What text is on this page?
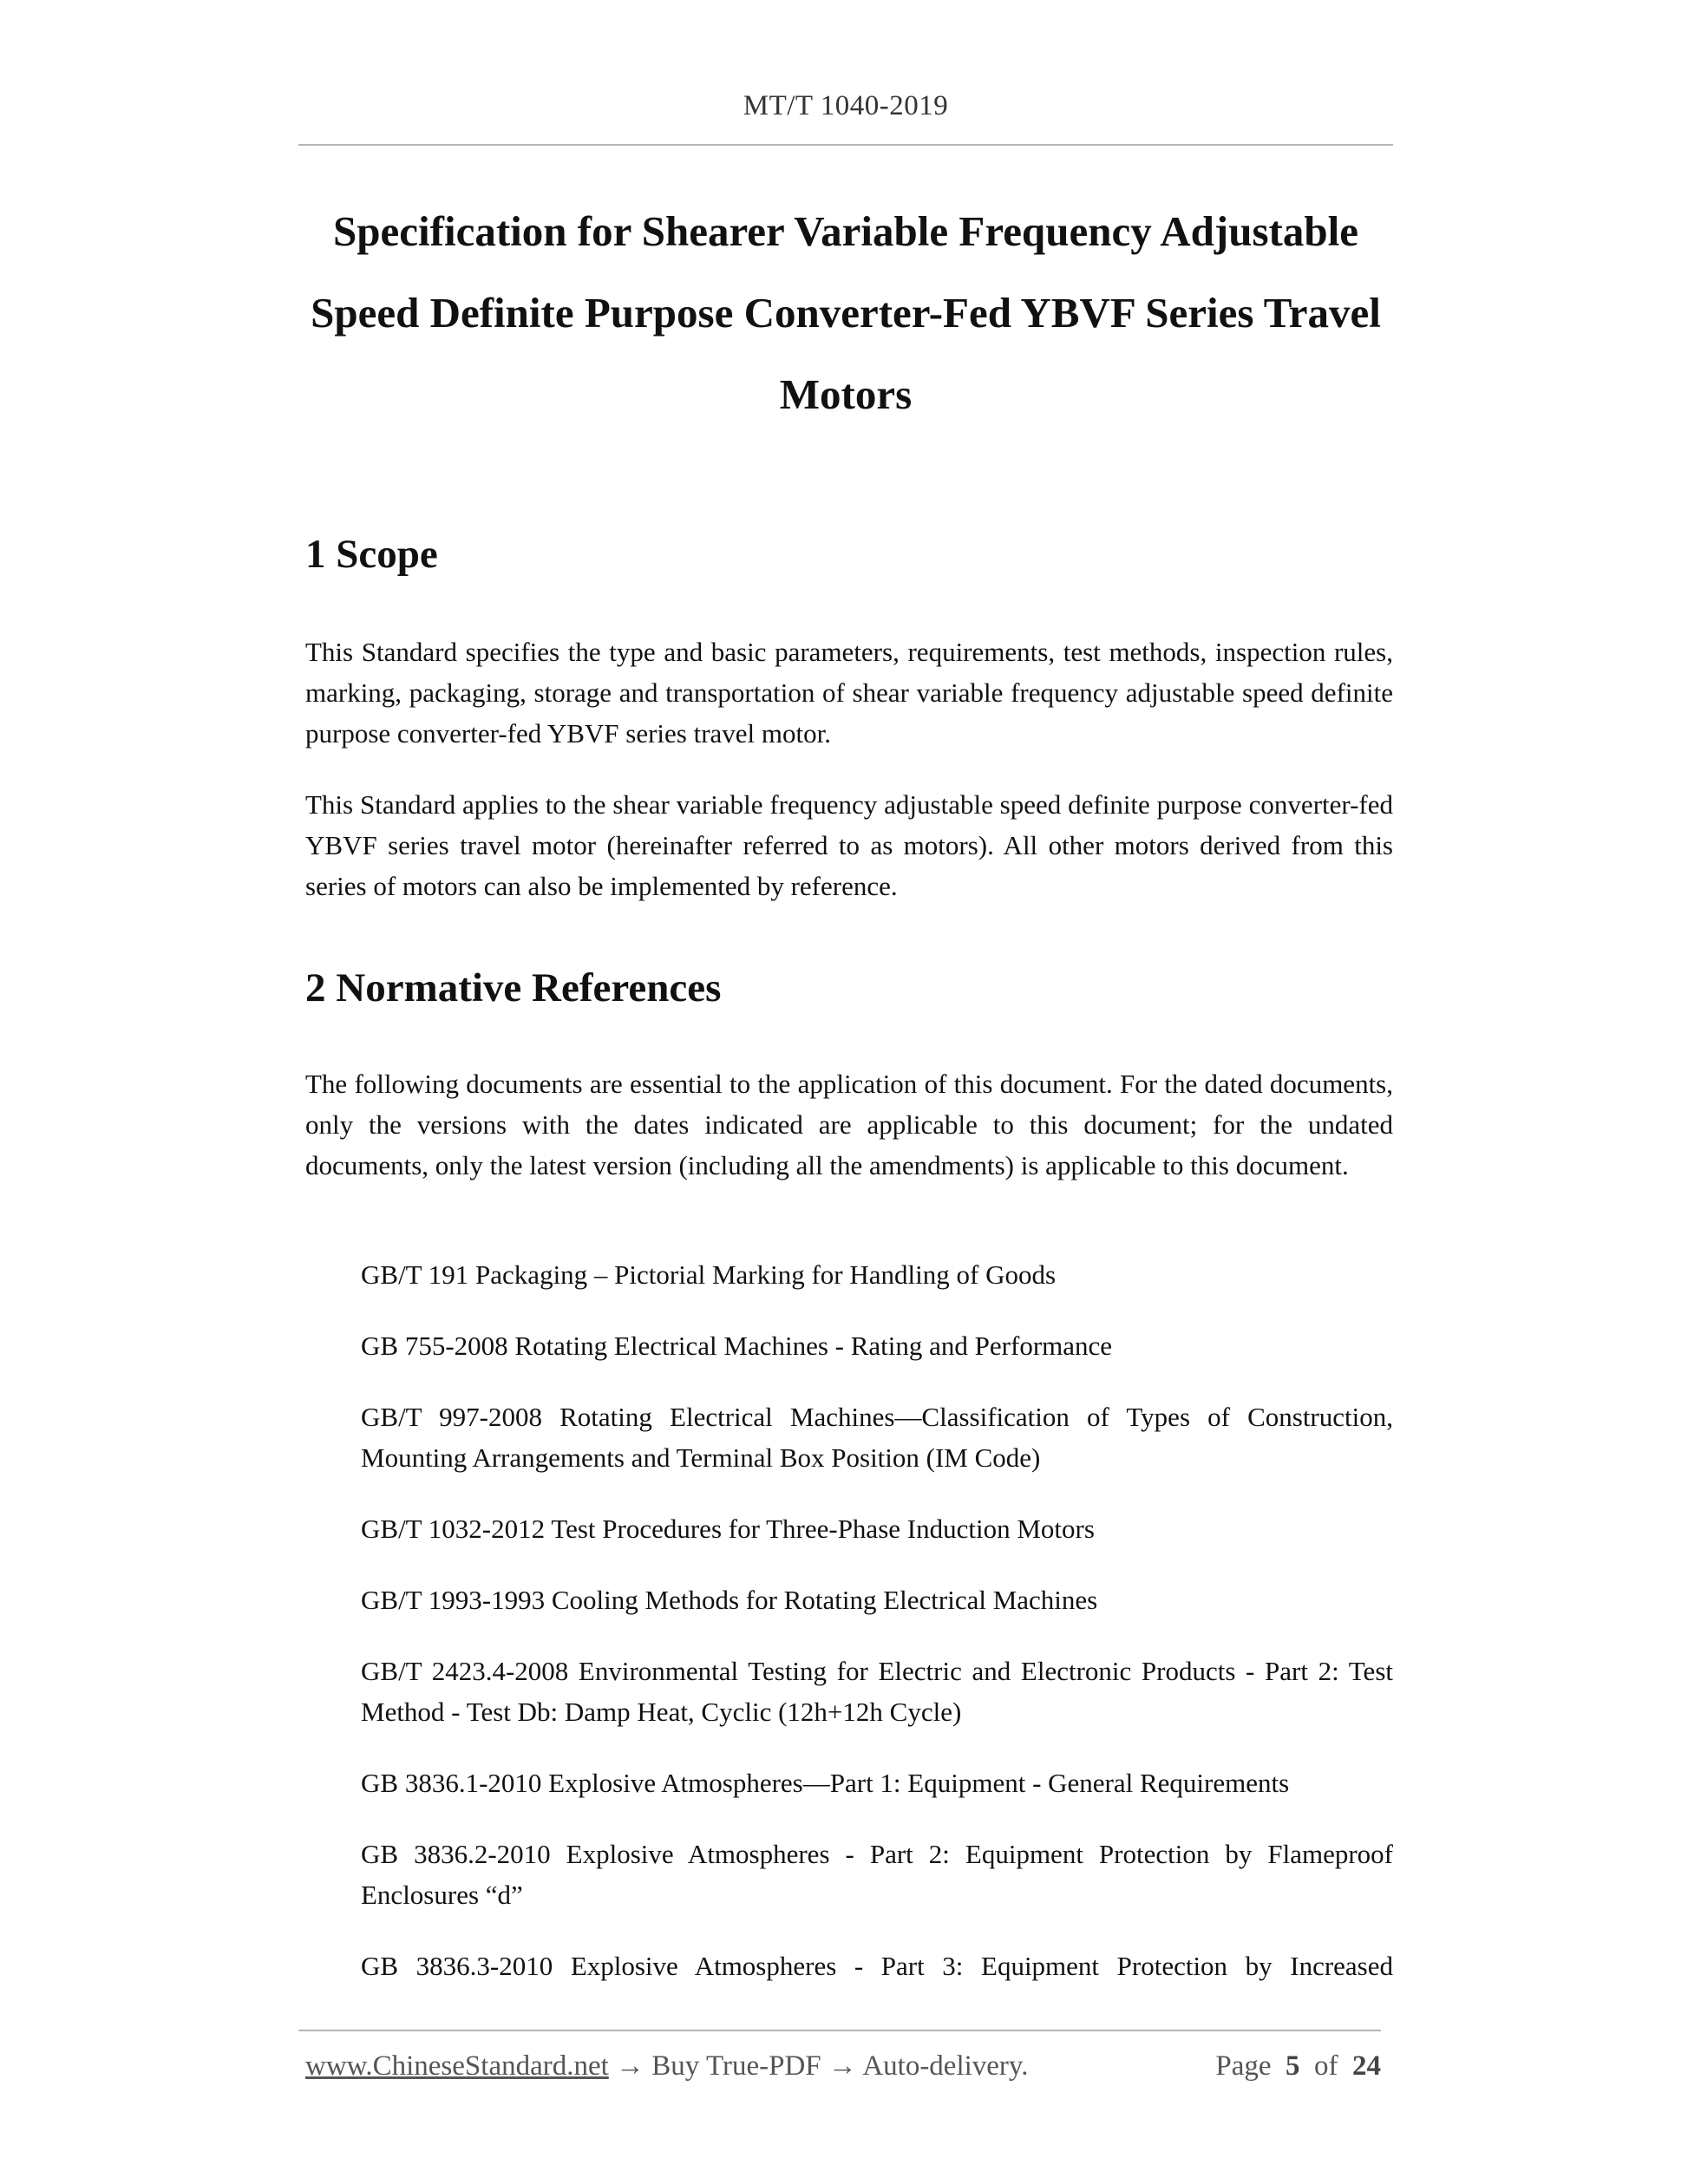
MT/T 1040-2019
Specification for Shearer Variable Frequency Adjustable
Speed Definite Purpose Converter-Fed YBVF Series Travel
Motors
1 Scope

This Standard specifies the type and basic parameters, requirements, test methods, inspection rules, marking, packaging, storage and transportation of shear variable frequency adjustable speed definite purpose converter-fed YBVF series travel motor.

This Standard applies to the shear variable frequency adjustable speed definite purpose converter-fed YBVF series travel motor (hereinafter referred to as motors). All other motors derived from this series of motors can also be implemented by reference.

2 Normative References

The following documents are essential to the application of this document. For the dated documents, only the versions with the dates indicated are applicable to this document; for the undated documents, only the latest version (including all the amendments) is applicable to this document.

GB/T 191 Packaging – Pictorial Marking for Handling of Goods
GB 755-2008 Rotating Electrical Machines - Rating and Performance
GB/T 997-2008 Rotating Electrical Machines—Classification of Types of Construction, Mounting Arrangements and Terminal Box Position (IM Code)
GB/T 1032-2012 Test Procedures for Three-Phase Induction Motors
GB/T 1993-1993 Cooling Methods for Rotating Electrical Machines
GB/T 2423.4-2008 Environmental Testing for Electric and Electronic Products - Part 2: Test Method - Test Db: Damp Heat, Cyclic (12h+12h Cycle)
GB 3836.1-2010 Explosive Atmospheres—Part 1: Equipment - General Requirements
GB 3836.2-2010 Explosive Atmospheres - Part 2: Equipment Protection by Flameproof Enclosures “d”
GB 3836.3-2010 Explosive Atmospheres - Part 3: Equipment Protection by Increased
www.ChineseStandard.net → Buy True-PDF → Auto-delivery.	Page 5 of 24
